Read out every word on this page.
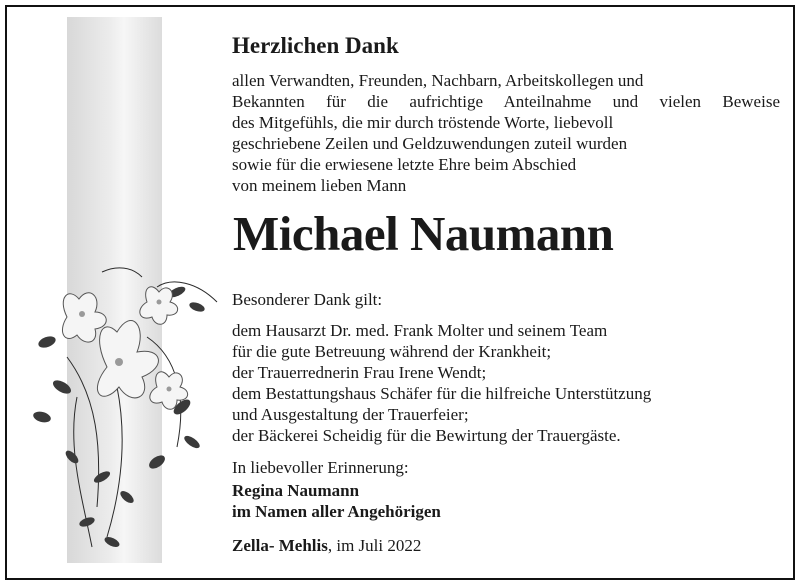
Herzlichen Dank
allen Verwandten, Freunden, Nachbarn, Arbeitskollegen und
Bekannten für die aufrichtige Anteilnahme und vielen Beweise
des Mitgefühls, die mir durch tröstende Worte, liebevoll
geschriebene Zeilen und Geldzuwendungen zuteil wurden
sowie für die erwiesene letzte Ehre beim Abschied
von meinem lieben Mann
Michael Naumann
Besonderer Dank gilt:
dem Hausarzt Dr. med. Frank Molter und seinem Team
für die gute Betreuung während der Krankheit;
der Trauerrednerin Frau Irene Wendt;
dem Bestattungshaus Schäfer für die hilfreiche Unterstützung
und Ausgestaltung der Trauerfeier;
der Bäckerei Scheidig für die Bewirtung der Trauergäste.
In liebevoller Erinnerung:
Regina Naumann
im Namen aller Angehörigen
Zella- Mehlis, im Juli 2022
